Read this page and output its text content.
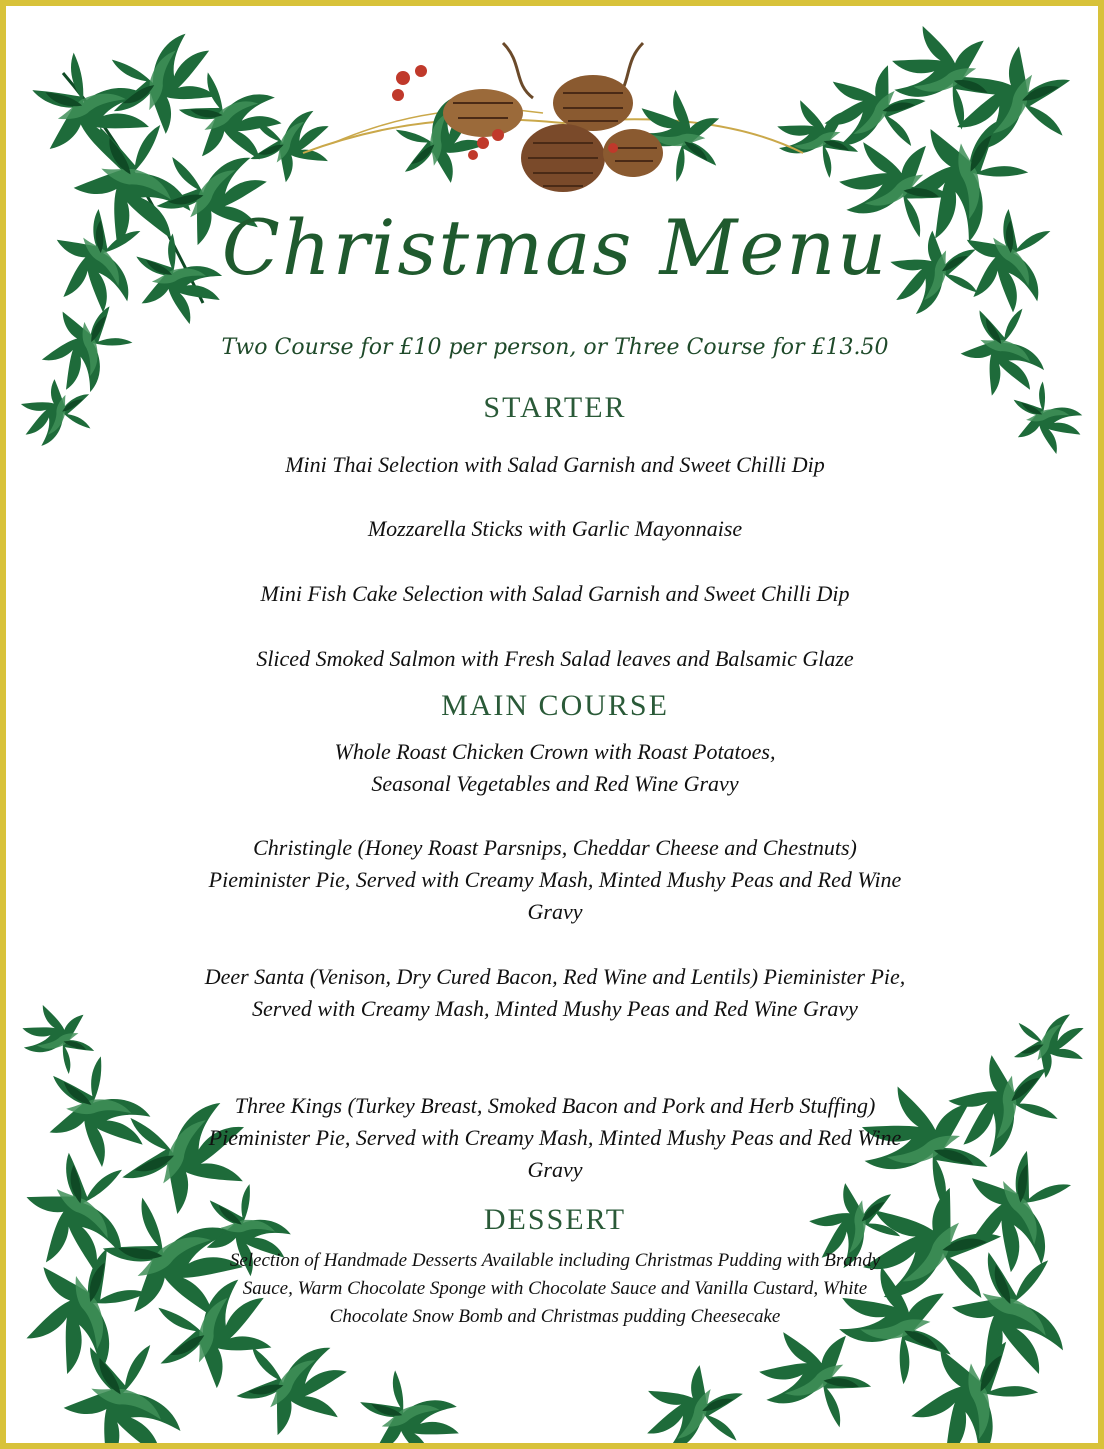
Christmas Menu

Two Course for £10 per person, or Three Course for £13.50

STARTER

Mini Thai Selection with Salad Garnish and Sweet Chilli Dip

Mozzarella Sticks with Garlic Mayonnaise

Mini Fish Cake Selection with Salad Garnish and Sweet Chilli Dip

Sliced Smoked Salmon with Fresh Salad leaves and Balsamic Glaze

MAIN COURSE

Whole Roast Chicken Crown with Roast Potatoes, Seasonal Vegetables and Red Wine Gravy

Christingle (Honey Roast Parsnips, Cheddar Cheese and Chestnuts) Pieminister Pie, Served with Creamy Mash, Minted Mushy Peas and Red Wine Gravy

Deer Santa (Venison, Dry Cured Bacon, Red Wine and Lentils) Pieminister Pie, Served with Creamy Mash, Minted Mushy Peas and Red Wine Gravy

Three Kings (Turkey Breast, Smoked Bacon and Pork and Herb Stuffing) Pieminister Pie, Served with Creamy Mash, Minted Mushy Peas and Red Wine Gravy

DESSERT

Selection of Handmade Desserts Available including Christmas Pudding with Brandy Sauce, Warm Chocolate Sponge with Chocolate Sauce and Vanilla Custard, White Chocolate Snow Bomb and Christmas pudding Cheesecake
